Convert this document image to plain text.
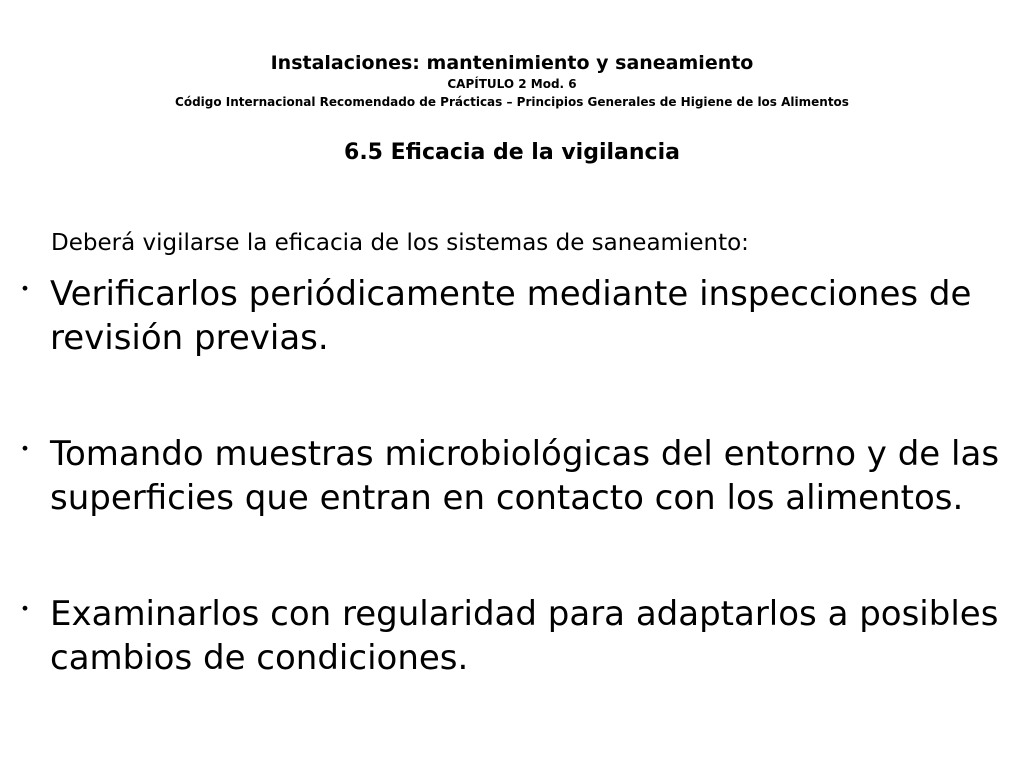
Instalaciones: mantenimiento y saneamiento

CAPÍTULO 2 Mod. 6

Código Internacional Recomendado de Prácticas – Principios Generales de Higiene de los Alimentos

6.5 Eficacia de la vigilancia

Deberá vigilarse la eficacia de los sistemas de saneamiento:

・ Verificarlos periódicamente mediante inspecciones de revisión previas.
・ Tomando muestras microbiológicas del entorno y de las superficies que entran en contacto con los alimentos.
・ Examinarlos con regularidad para adaptarlos a posibles cambios de condiciones.
